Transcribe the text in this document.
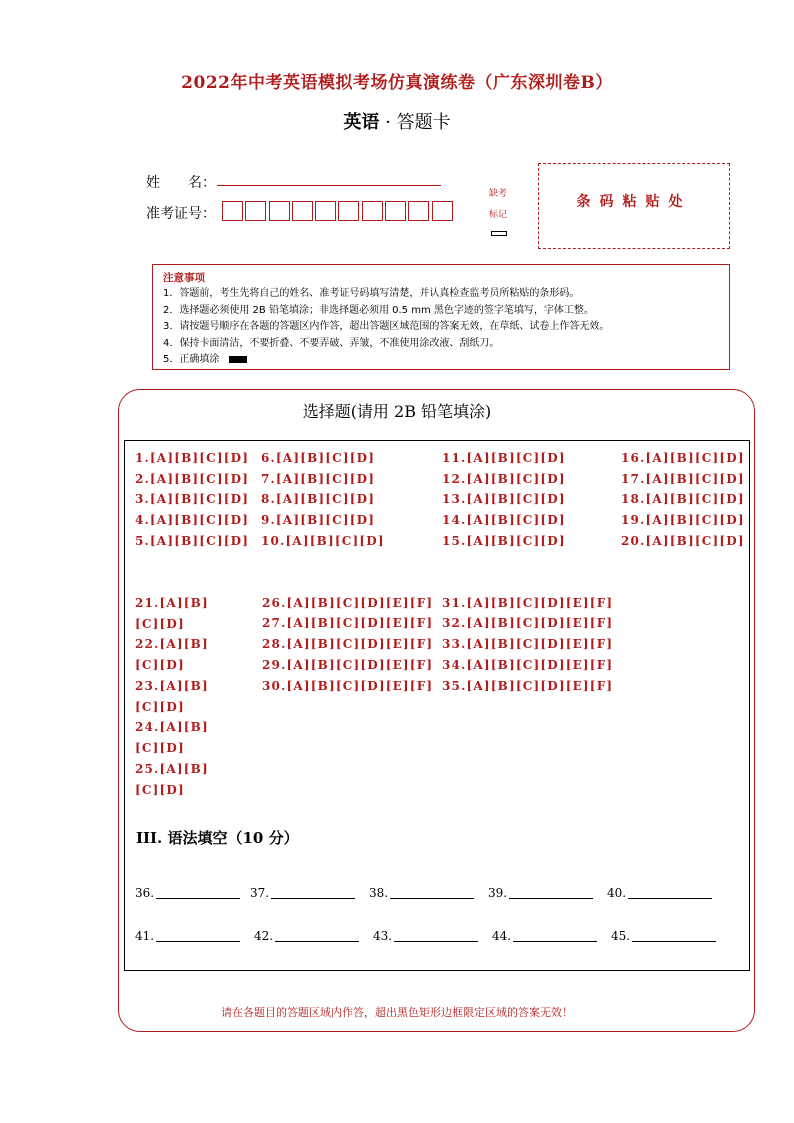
2022年中考英语模拟考场仿真演练卷（广东深圳卷B）
英语 · 答题卡
姓　　名：
准考证号：
缺考
标记
条码粘贴处
注意事项
1．答题前，考生先将自己的姓名、准考证号码填写清楚，并认真检查监考员所粘贴的条形码。
2．选择题必须使用 2B 铅笔填涂；非选择题必须用 0.5 mm 黑色字迹的签字笔填写，字体工整。
3．请按题号顺序在各题的答题区内作答，超出答题区域范围的答案无效，在草纸、试卷上作答无效。
4．保持卡面清洁，不要折叠、不要弄破、弄皱，不准使用涂改液、刮纸刀。
5．正确填涂
选择题(请用 2B 铅笔填涂)
1.[A][B][C][D]
2.[A][B][C][D]
3.[A][B][C][D]
4.[A][B][C][D]
5.[A][B][C][D]
6.[A][B][C][D]
7.[A][B][C][D]
8.[A][B][C][D]
9.[A][B][C][D]
10.[A][B][C][D]
11.[A][B][C][D]
12.[A][B][C][D]
13.[A][B][C][D]
14.[A][B][C][D]
15.[A][B][C][D]
16.[A][B][C][D]
17.[A][B][C][D]
18.[A][B][C][D]
19.[A][B][C][D]
20.[A][B][C][D]
21.[A][B][C][D]
22.[A][B][C][D]
23.[A][B][C][D]
24.[A][B][C][D]
25.[A][B][C][D]
26.[A][B][C][D][E][F]
27.[A][B][C][D][E][F]
28.[A][B][C][D][E][F]
29.[A][B][C][D][E][F]
30.[A][B][C][D][E][F]
31.[A][B][C][D][E][F]
32.[A][B][C][D][E][F]
33.[A][B][C][D][E][F]
34.[A][B][C][D][E][F]
35.[A][B][C][D][E][F]
III. 语法填空（10 分）
36.	37.	38.	39.	40.
41.	42.	43.	44.	45.
请在各题目的答题区域内作答，超出黑色矩形边框限定区域的答案无效！
